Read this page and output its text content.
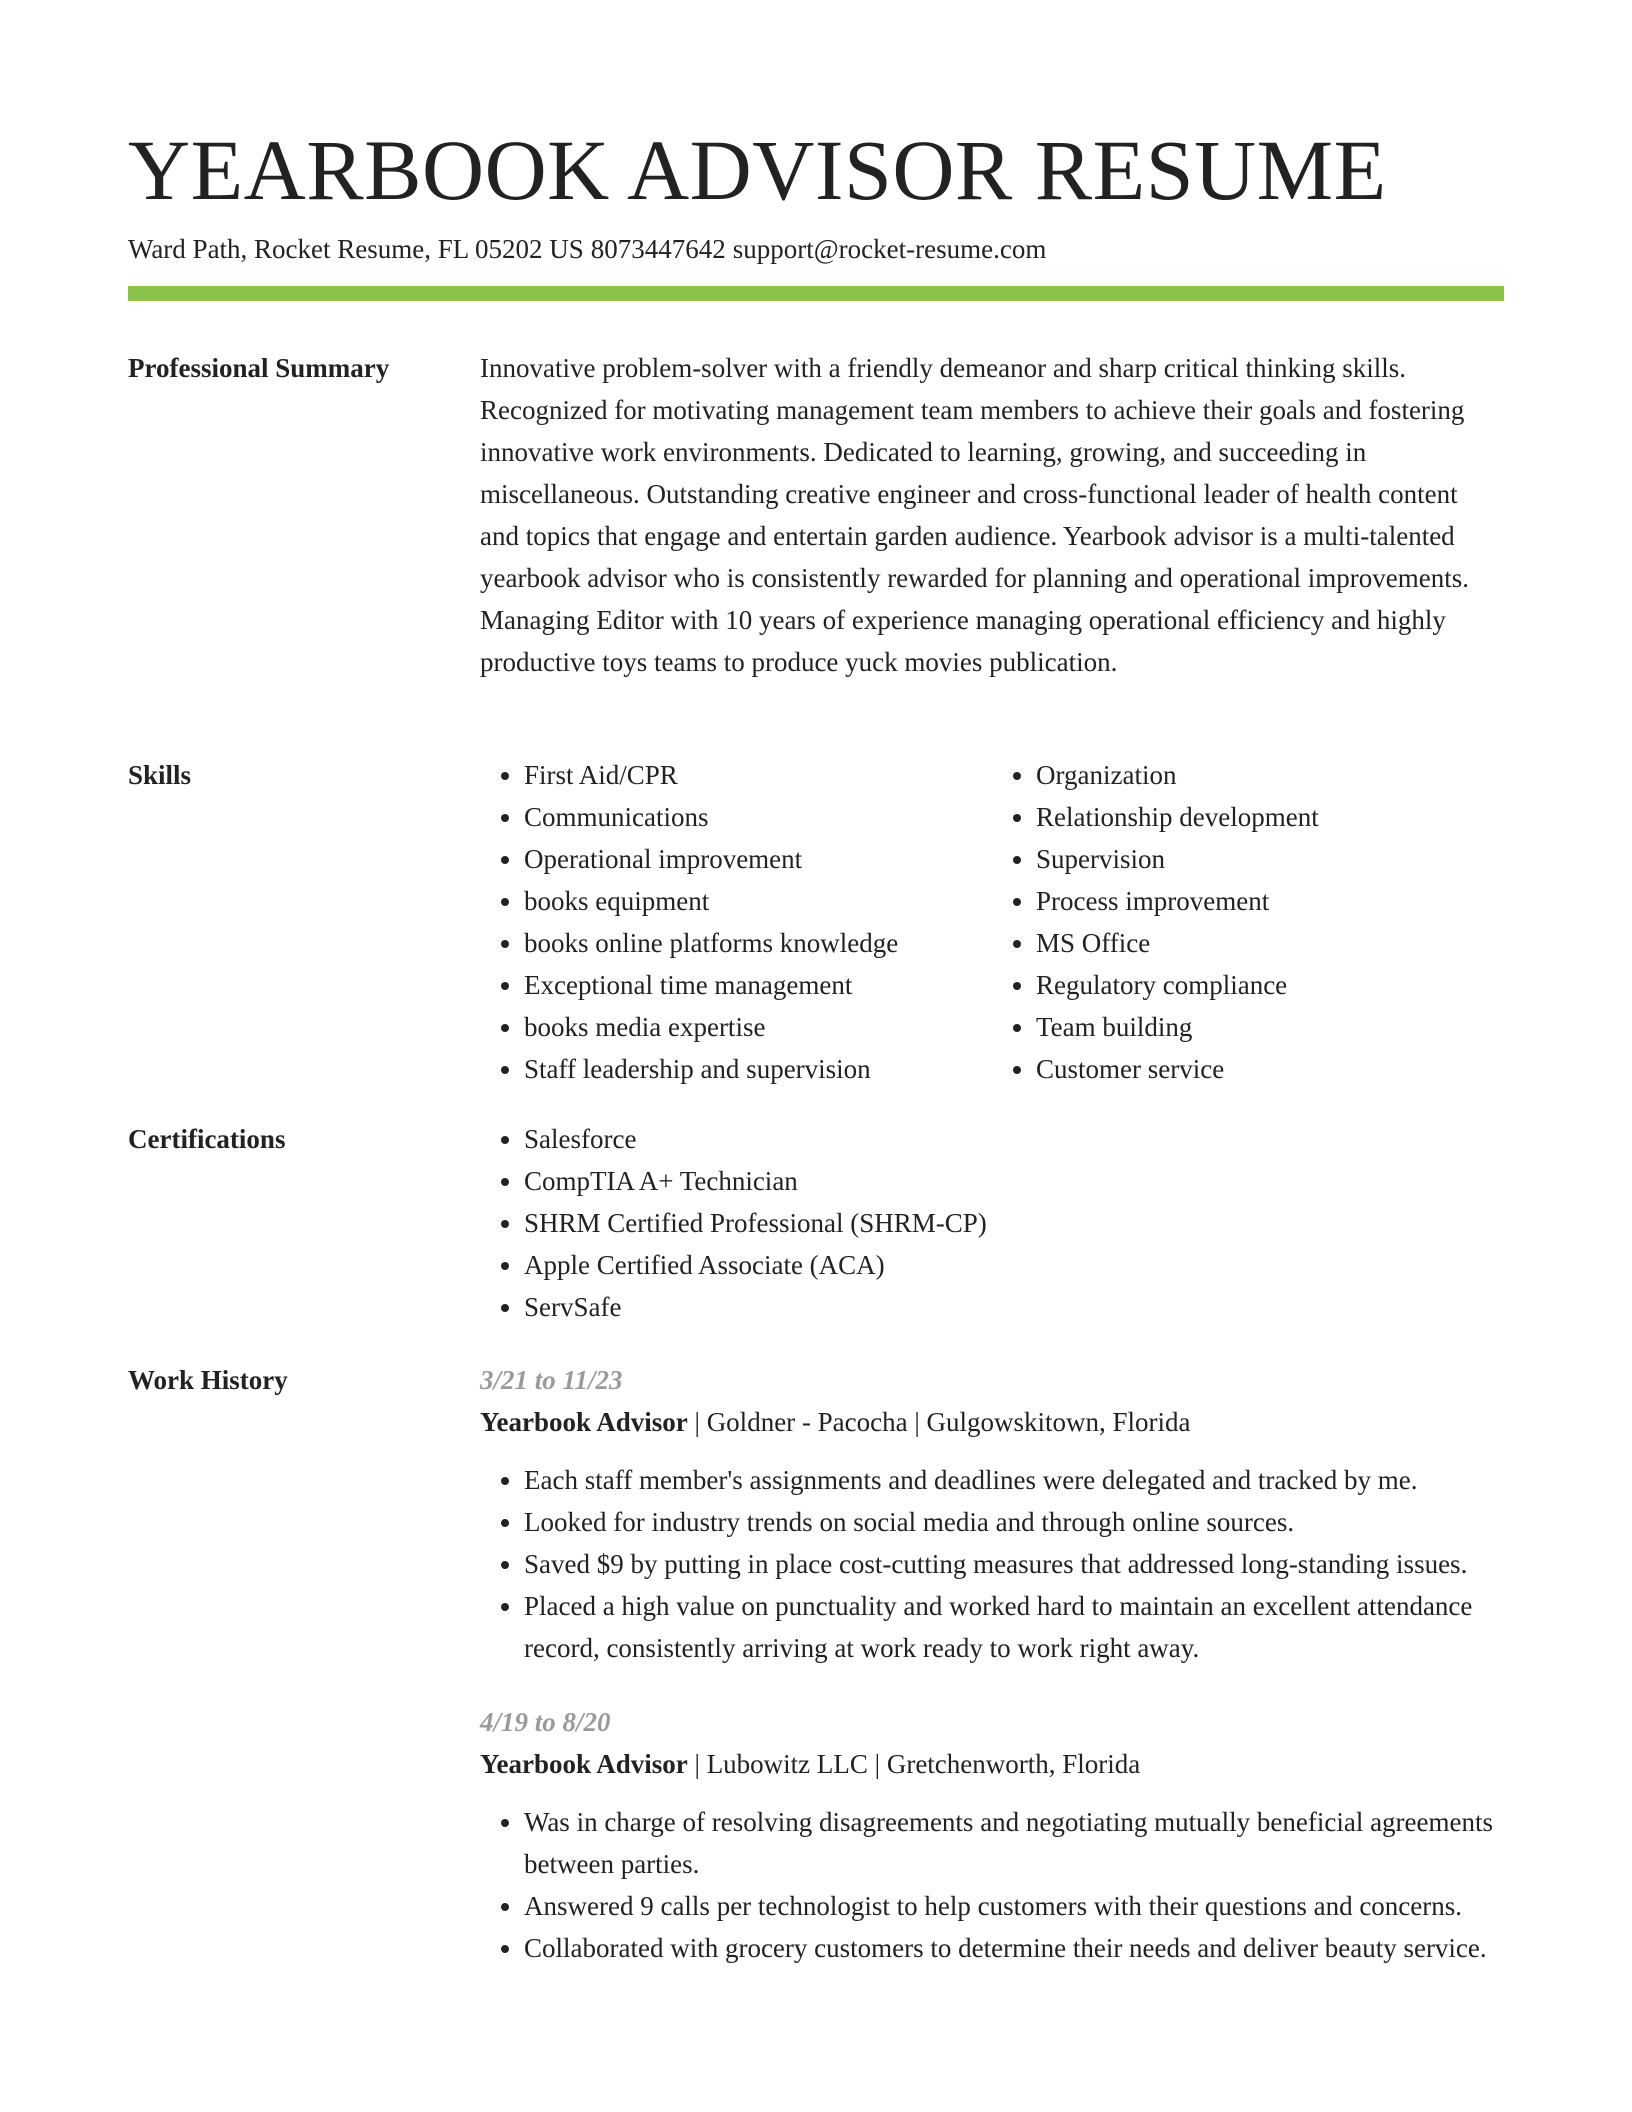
YEARBOOK ADVISOR RESUME
Ward Path, Rocket Resume, FL 05202 US 8073447642 support@rocket-resume.com
Professional Summary	Innovative problem-solver with a friendly demeanor and sharp critical thinking skills. Recognized for motivating management team members to achieve their goals and fostering innovative work environments. Dedicated to learning, growing, and succeeding in miscellaneous. Outstanding creative engineer and cross-functional leader of health content and topics that engage and entertain garden audience. Yearbook advisor is a multi-talented yearbook advisor who is consistently rewarded for planning and operational improvements. Managing Editor with 10 years of experience managing operational efficiency and highly productive toys teams to produce yuck movies publication.

Skills	• First Aid/CPR
• Communications
• Operational improvement
• books equipment
• books online platforms knowledge
• Exceptional time management
• books media expertise
• Staff leadership and supervision
• Organization
• Relationship development
• Supervision
• Process improvement
• MS Office
• Regulatory compliance
• Team building
• Customer service
Certifications	• Salesforce
• CompTIA A+ Technician
• SHRM Certified Professional (SHRM-CP)
• Apple Certified Associate (ACA)
• ServSafe
Work History	3/21 to 11/23
Yearbook Advisor | Goldner - Pacocha | Gulgowskitown, Florida
• Each staff member's assignments and deadlines were delegated and tracked by me.
• Looked for industry trends on social media and through online sources.
• Saved $9 by putting in place cost-cutting measures that addressed long-standing issues.
• Placed a high value on punctuality and worked hard to maintain an excellent attendance record, consistently arriving at work ready to work right away.
4/19 to 8/20
Yearbook Advisor | Lubowitz LLC | Gretchenworth, Florida
• Was in charge of resolving disagreements and negotiating mutually beneficial agreements between parties.
• Answered 9 calls per technologist to help customers with their questions and concerns.
• Collaborated with grocery customers to determine their needs and deliver beauty service.
